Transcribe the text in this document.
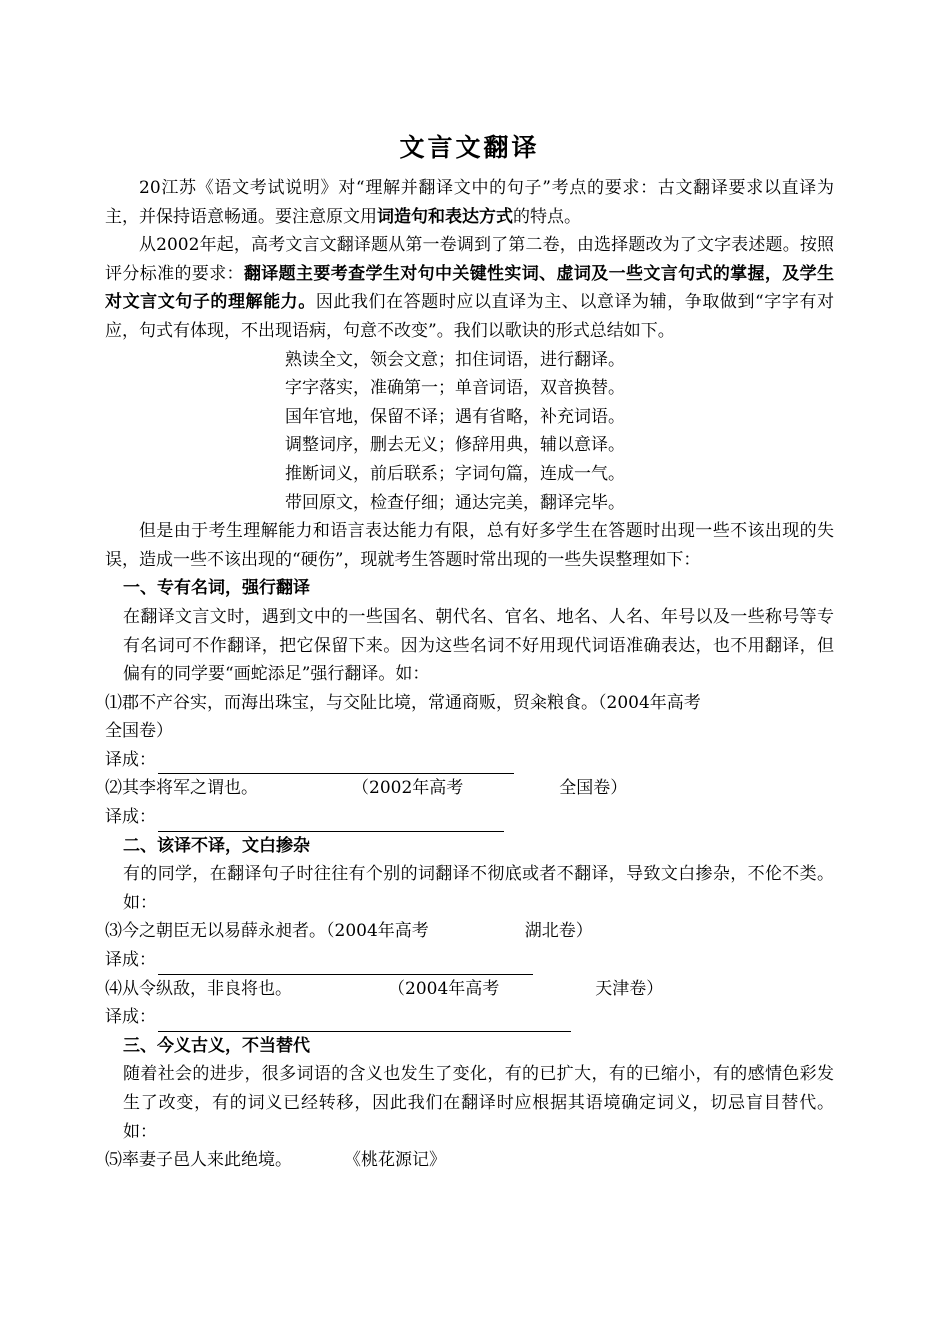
文言文翻译

20江苏《语文考试说明》对“理解并翻译文中的句子”考点的要求：古文翻译要求以直译为主，并保持语意畅通。要注意原文用词造句和表达方式的特点。

从2002年起，高考文言文翻译题从第一卷调到了第二卷，由选择题改为了文字表述题。按照评分标准的要求：翻译题主要考查学生对句中关键性实词、虚词及一些文言句式的掌握，及学生对文言文句子的理解能力。因此我们在答题时应以直译为主、以意译为辅，争取做到“字字有对应，句式有体现，不出现语病，句意不改变”。我们以歌诀的形式总结如下。

熟读全文，领会文意；扣住词语，进行翻译。
字字落实，准确第一；单音词语，双音换替。
国年官地，保留不译；遇有省略，补充词语。
调整词序，删去无义；修辞用典，辅以意译。
推断词义，前后联系；字词句篇，连成一气。
带回原文，检查仔细；通达完美，翻译完毕。

但是由于考生理解能力和语言表达能力有限，总有好多学生在答题时出现一些不该出现的失误，造成一些不该出现的“硬伤”，现就考生答题时常出现的一些失误整理如下：

一、专有名词，强行翻译

在翻译文言文时，遇到文中的一些国名、朝代名、官名、地名、人名、年号以及一些称号等专有名词可不作翻译，把它保留下来。因为这些名词不好用现代词语准确表达，也不用翻译，但偏有的同学要“画蛇添足”强行翻译。如：

⑴郡不产谷实，而海出珠宝，与交阯比境，常通商贩，贸籴粮食。（2004年高考
全国卷）
译成：
⑵其李将军之谓也。	（2002年高考	全国卷）
译成：
二、该译不译，文白掺杂

有的同学，在翻译句子时往往有个别的词翻译不彻底或者不翻译，导致文白掺杂，不伦不类。如：

⑶今之朝臣无以易薛永昶者。（2004年高考	湖北卷）
译成：
⑷从令纵敌，非良将也。	（2004年高考	天津卷）
译成：
三、今义古义，不当替代

随着社会的进步，很多词语的含义也发生了变化，有的已扩大，有的已缩小，有的感情色彩发生了改变，有的词义已经转移，因此我们在翻译时应根据其语境确定词义，切忌盲目替代。如：

⑸率妻子邑人来此绝境。	《桃花源记》
